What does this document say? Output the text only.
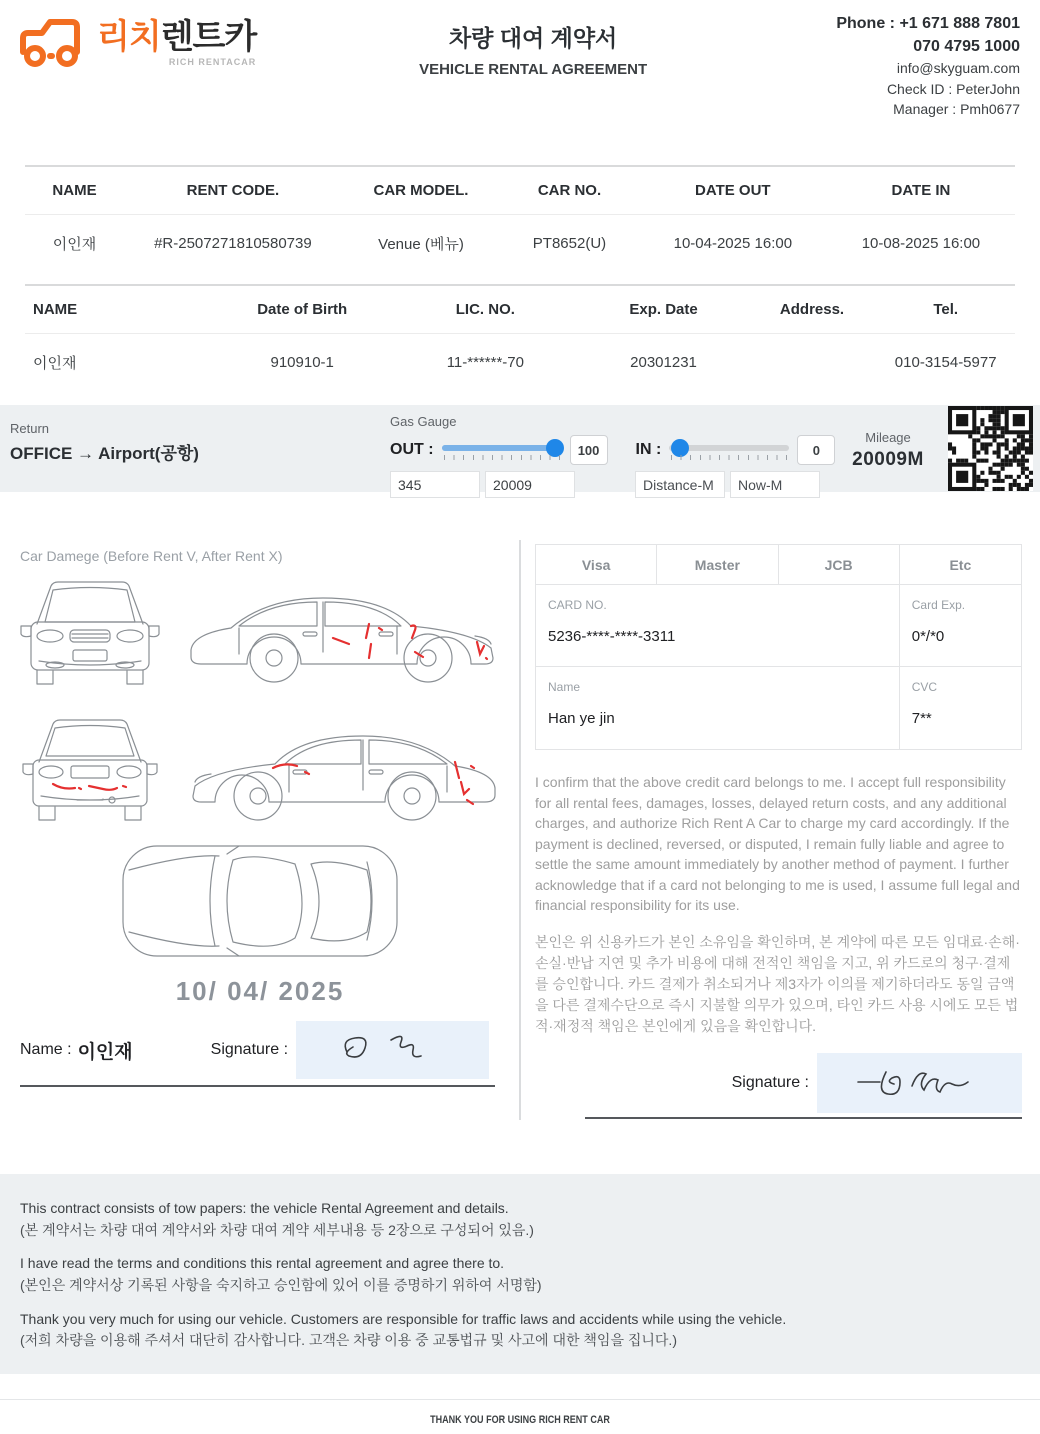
리치렌트카
RICH RENTACAR
차량 대여 계약서
VEHICLE RENTAL AGREEMENT
Phone : +1 671 888 7801
070 4795 1000
info@skyguam.com
Check ID : PeterJohn
Manager : Pmh0677
NAME	RENT CODE.	CAR MODEL.	CAR NO.	DATE OUT	DATE IN
이인재	#R-2507271810580739	Venue (베뉴)	PT8652(U)	10-04-2025 16:00	10-08-2025 16:00
NAME	Date of Birth	LIC. NO.	Exp. Date	Address.	Tel.
이인재	910910-1	11-******-70	20301231		010-3154-5977
Return
OFFICE → Airport(공항)
Gas Gauge
OUT :	100	IN :	0
345
20009
Distance-M
Now-M
Mileage
20009M
Car Damege (Before Rent V, After Rent X)
10/ 04/ 2025
Name : 이인재	Signature :
Visa	Master	JCB	Etc
CARD NO.
5236-****-****-3311
Card Exp.
0*/*0
Name
Han ye jin
CVC
7**

I confirm that the above credit card belongs to me. I accept full responsibility for all rental fees, damages, losses, delayed return costs, and any additional charges, and authorize Rich Rent A Car to charge my card accordingly. If the payment is declined, reversed, or disputed, I remain fully liable and agree to settle the same amount immediately by another method of payment. I further acknowledge that if a card not belonging to me is used, I assume full legal and financial responsibility for its use.

본인은 위 신용카드가 본인 소유임을 확인하며, 본 계약에 따른 모든 임대료·손해·손실·반납 지연 및 추가 비용에 대해 전적인 책임을 지고, 위 카드로의 청구·결제를 승인합니다. 카드 결제가 취소되거나 제3자가 이의를 제기하더라도 동일 금액을 다른 결제수단으로 즉시 지불할 의무가 있으며, 타인 카드 사용 시에도 모든 법적·재정적 책임은 본인에게 있음을 확인합니다.

Signature :
This contract consists of tow papers: the vehicle Rental Agreement and details.
(본 계약서는 차량 대여 계약서와 차량 대여 계약 세부내용 등 2장으로 구성되어 있음.)
I have read the terms and conditions this rental agreement and agree there to.
(본인은 계약서상 기록된 사항을 숙지하고 승인함에 있어 이를 증명하기 위하여 서명함)
Thank you very much for using our vehicle. Customers are responsible for traffic laws and accidents while using the vehicle.
(저희 차량을 이용해 주셔서 대단히 감사합니다. 고객은 차량 이용 중 교통법규 및 사고에 대한 책임을 집니다.)
THANK YOU FOR USING RICH RENT CAR
